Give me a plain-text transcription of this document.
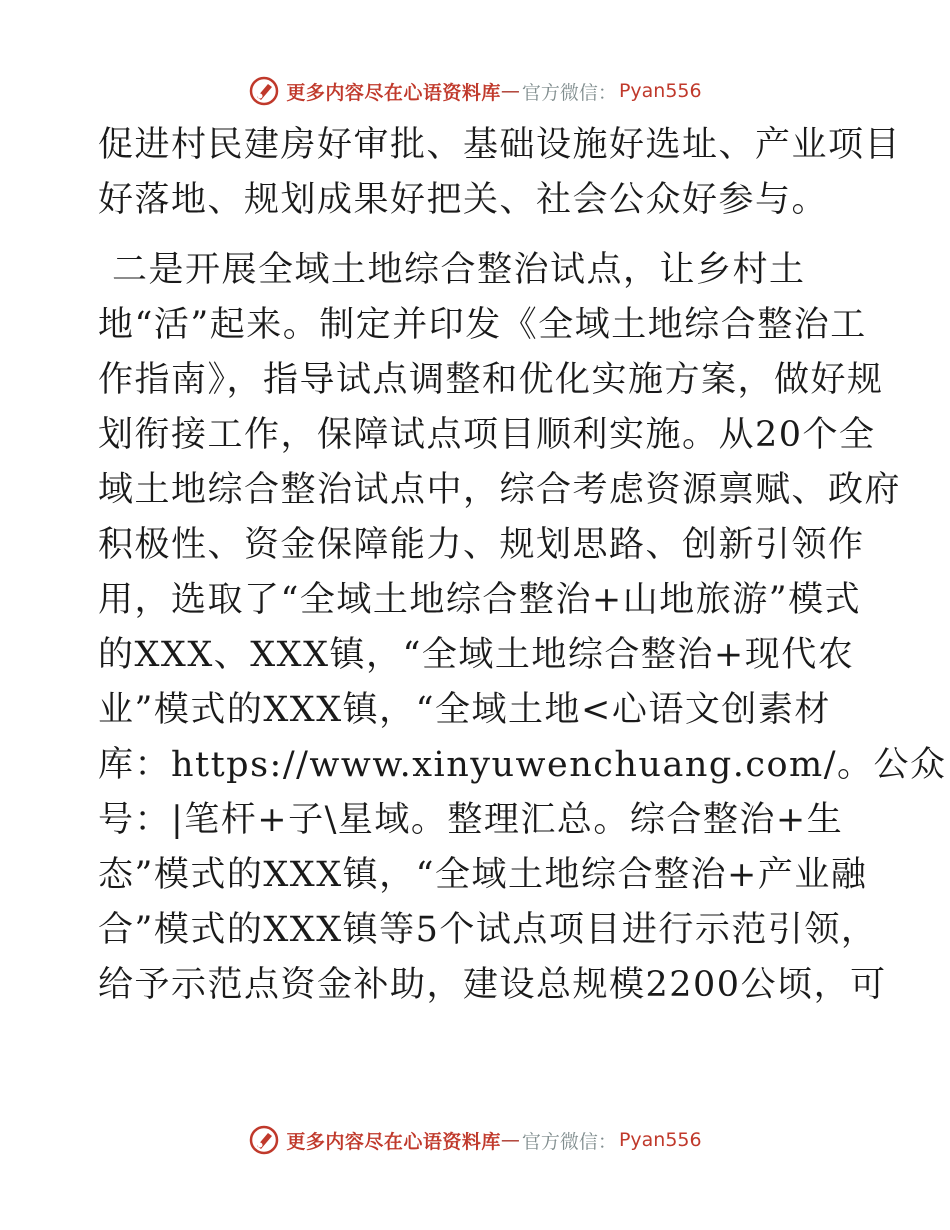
更多内容尽在心语资料库 — 官方微信： Pyan556
促进村民建房好审批、基础设施好选址、产业项目
好落地、规划成果好把关、社会公众好参与。
二是开展全域土地综合整治试点，让乡村土
地“活”起来。制定并印发《全域土地综合整治工
作指南》，指导试点调整和优化实施方案，做好规
划衔接工作，保障试点项目顺利实施。从20个全
域土地综合整治试点中，综合考虑资源禀赋、政府
积极性、资金保障能力、规划思路、创新引领作
用，选取了“全域土地综合整治+山地旅游”模式
的XXX、XXX镇，“全域土地综合整治+现代农
业”模式的XXX镇，“全域土地<心语文创素材
库：https://www.xinyuwenchuang.com/。公众
号：|笔杆+子\星域。整理汇总。综合整治+生
态”模式的XXX镇，“全域土地综合整治+产业融
合”模式的XXX镇等5个试点项目进行示范引领，
给予示范点资金补助，建设总规模2200公顷，可
更多内容尽在心语资料库 — 官方微信： Pyan556
